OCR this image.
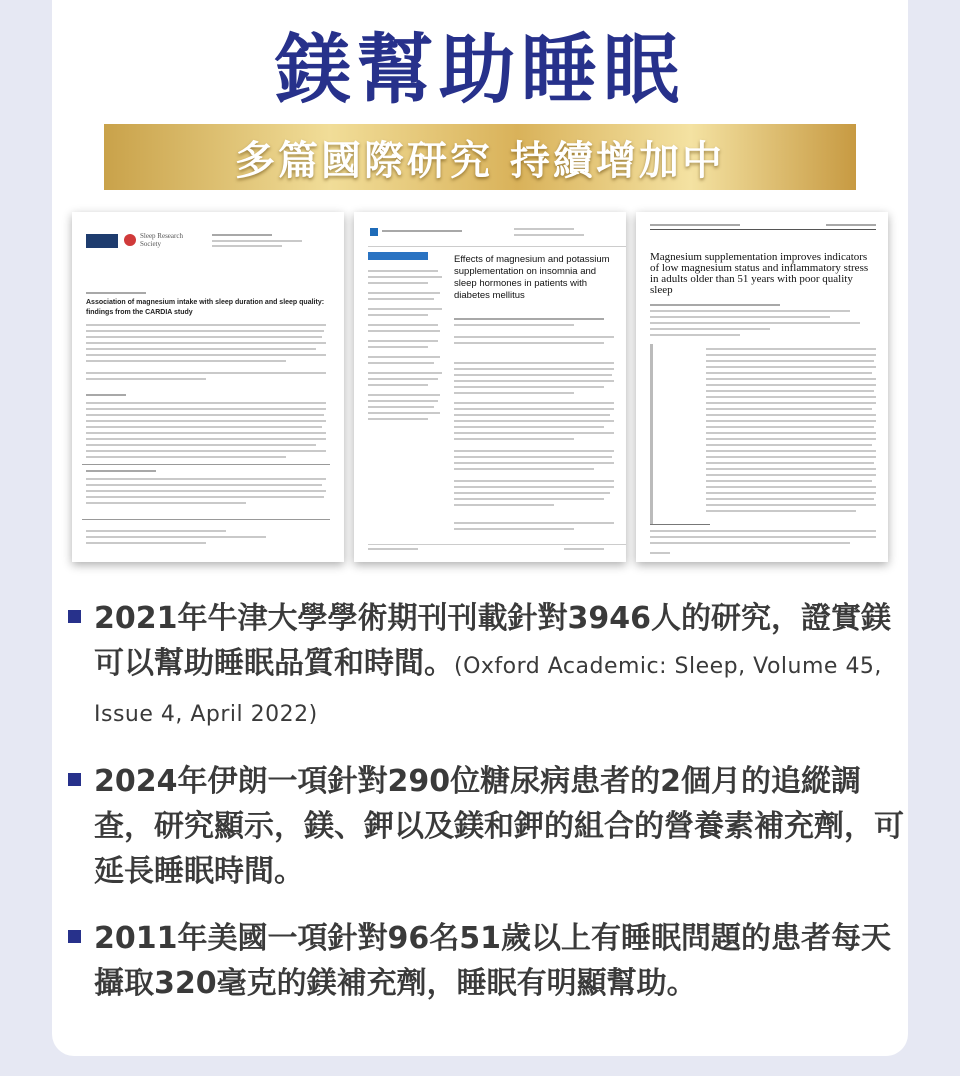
鎂幫助睡眠
多篇國際研究 持續增加中
Sleep Research Society
Association of magnesium intake with sleep duration and sleep quality: findings from the CARDIA study
Effects of magnesium and potassium supplementation on insomnia and sleep hormones in patients with diabetes mellitus
Magnesium supplementation improves indicators of low magnesium status and inflammatory stress in adults older than 51 years with poor quality sleep
2021年牛津大學學術期刊刊載針對3946人的研究，證實鎂可以幫助睡眠品質和時間。(Oxford Academic: Sleep, Volume 45, Issue 4, April 2022)
2024年伊朗一項針對290位糖尿病患者的2個月的追縱調查，研究顯示，鎂、鉀以及鎂和鉀的組合的營養素補充劑，可延長睡眠時間。
2011年美國一項針對96名51歲以上有睡眠問題的患者每天攝取320毫克的鎂補充劑，睡眠有明顯幫助。
